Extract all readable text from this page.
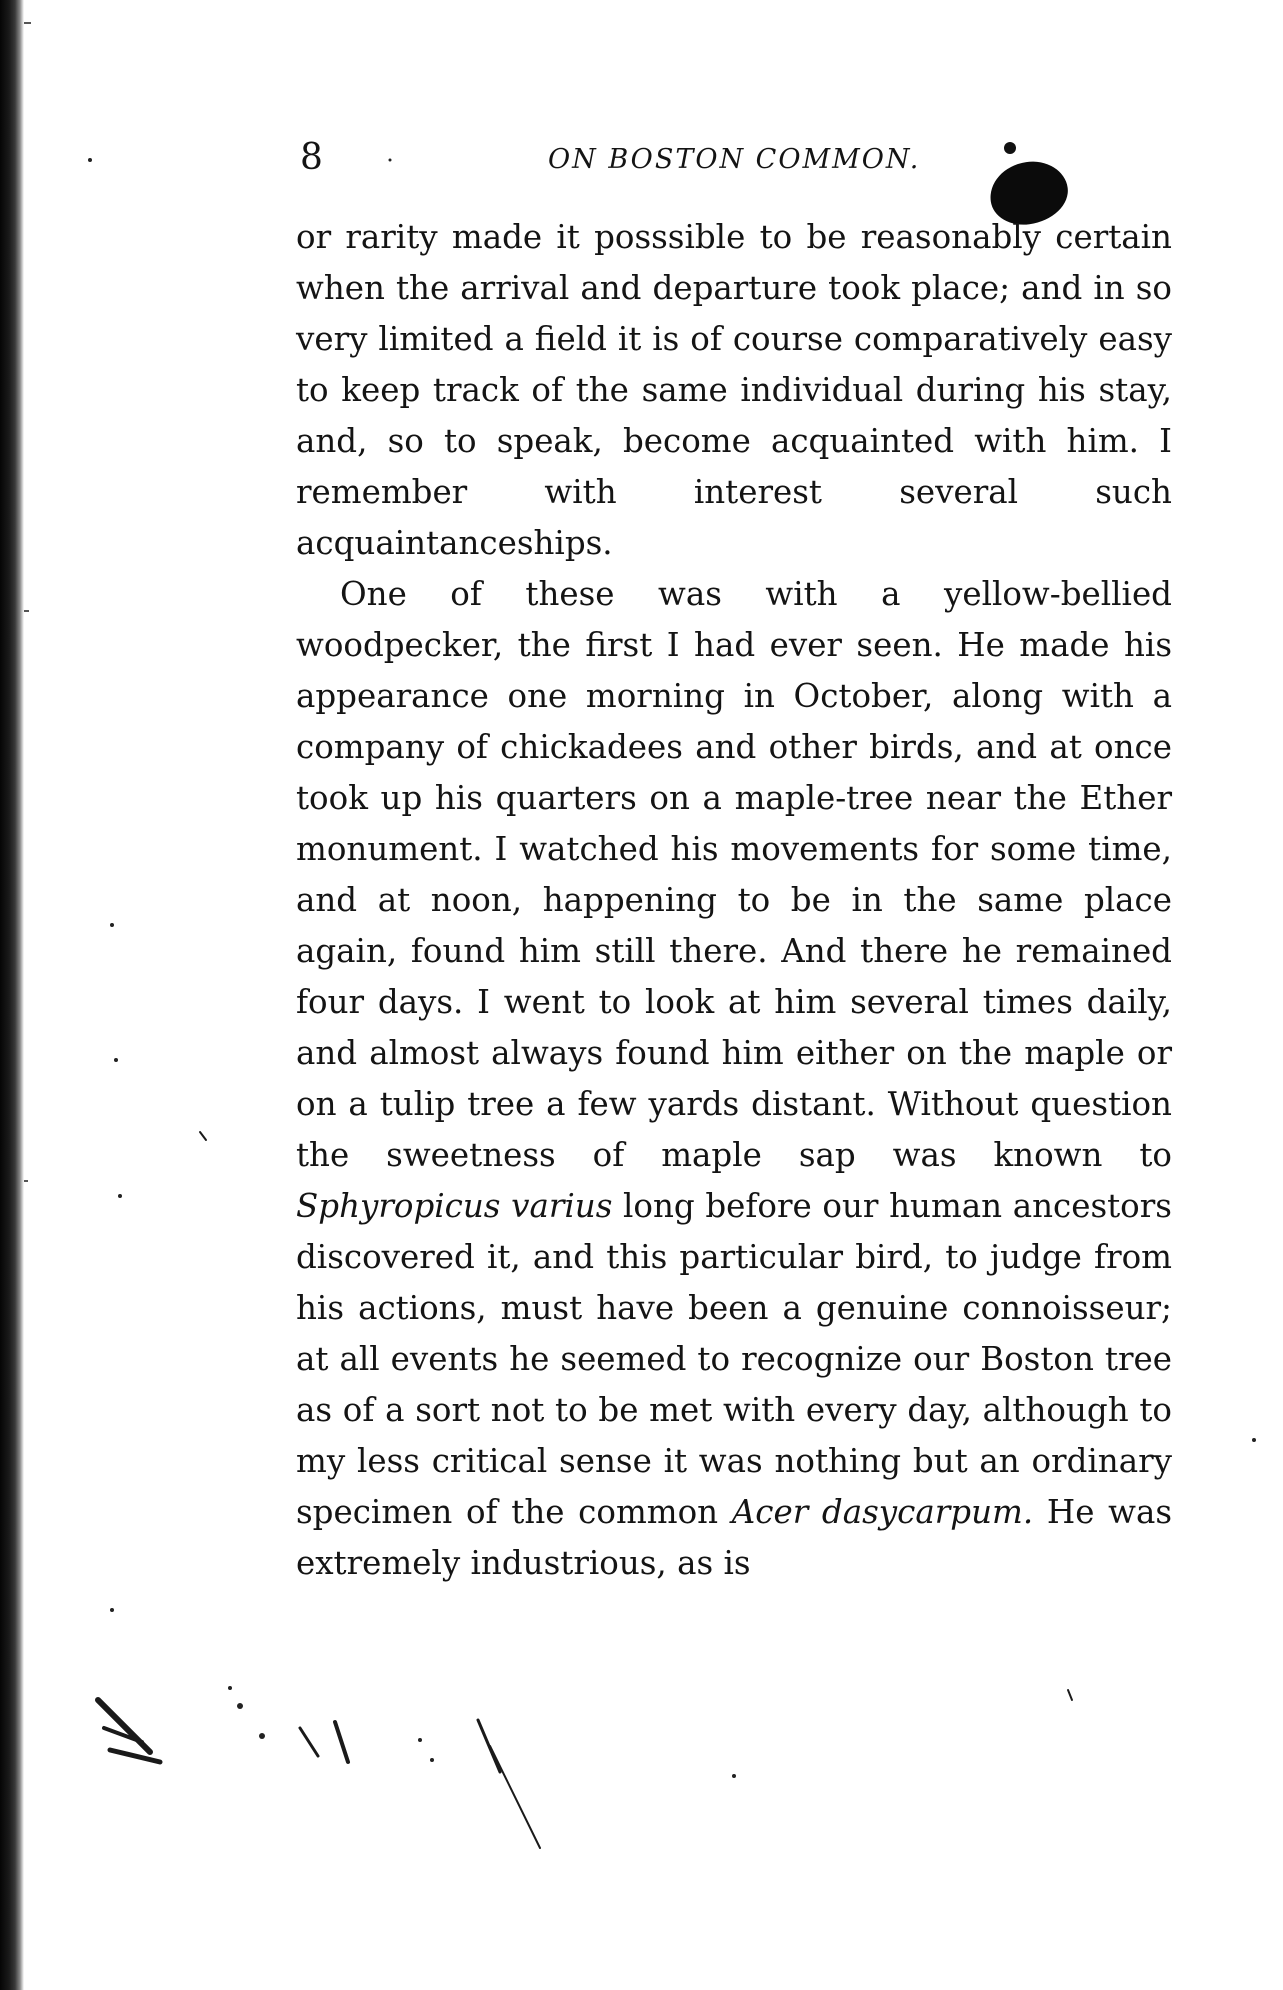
8	ON BOSTON COMMON.

or rarity made it posssible to be reasonably certain when the arrival and departure took place; and in so very limited a field it is of course comparatively easy to keep track of the same individual during his stay, and, so to speak, become acquainted with him. I remember with interest several such acquaintanceships.

One of these was with a yellow-bellied woodpecker, the first I had ever seen. He made his appearance one morning in October, along with a company of chickadees and other birds, and at once took up his quarters on a maple-tree near the Ether monument. I watched his movements for some time, and at noon, happening to be in the same place again, found him still there. And there he remained four days. I went to look at him several times daily, and almost always found him either on the maple or on a tulip tree a few yards distant. Without question the sweetness of maple sap was known to Sphyropicus varius long before our human ancestors discovered it, and this particular bird, to judge from his actions, must have been a genuine connoisseur; at all events he seemed to recognize our Boston tree as of a sort not to be met with every day, although to my less critical sense it was nothing but an ordinary specimen of the common Acer dasycarpum. He was extremely industrious, as is
